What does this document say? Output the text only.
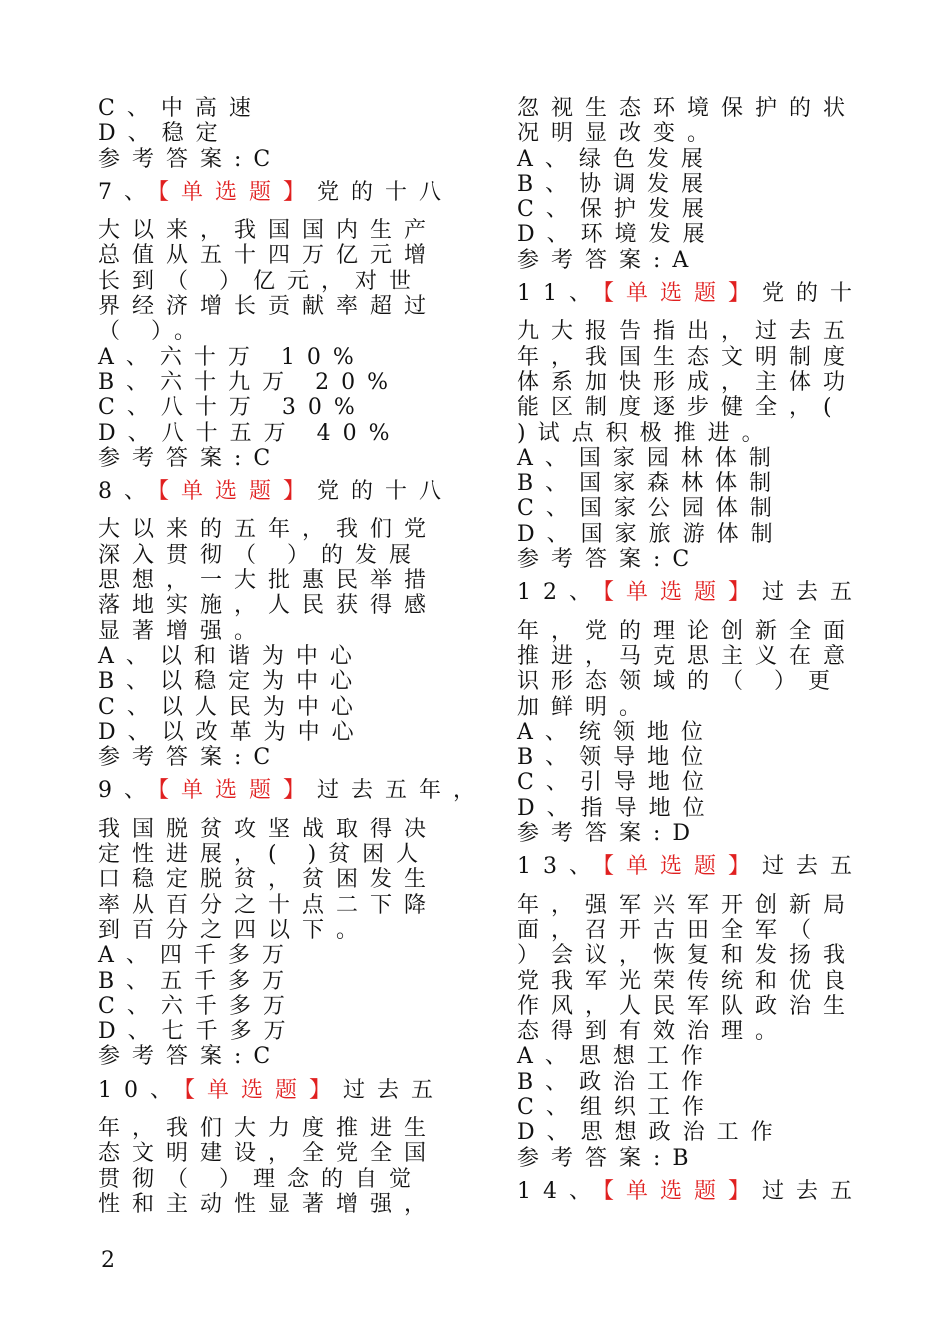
C、中高速
D、稳定
参考答案:C
7、【单选题】党的十八
大以来，我国国内生产
总值从五十四万亿元增
长到（ ）亿元，对世
界经济增长贡献率超过
（ ）。
A、六十万 10%
B、六十九万 20%
C、八十万 30%
D、八十五万 40%
参考答案:C
8、【单选题】党的十八
大以来的五年，我们党
深入贯彻（ ）的发展
思想，一大批惠民举措
落地实施，人民获得感
显著增强。
A、以和谐为中心
B、以稳定为中心
C、以人民为中心
D、以改革为中心
参考答案:C
9、【单选题】过去五年，
我国脱贫攻坚战取得决
定性进展，( )贫困人
口稳定脱贫，贫困发生
率从百分之十点二下降
到百分之四以下。
A、四千多万
B、五千多万
C、六千多万
D、七千多万
参考答案:C
10、【单选题】过去五
年，我们大力度推进生
态文明建设，全党全国
贯彻（ ）理念的自觉
性和主动性显著增强，
忽视生态环境保护的状
况明显改变。
A、绿色发展
B、协调发展
C、保护发展
D、环境发展
参考答案:A
11、【单选题】党的十
九大报告指出，过去五
年，我国生态文明制度
体系加快形成，主体功
能区制度逐步健全，(
)试点积极推进。
A、国家园林体制
B、国家森林体制
C、国家公园体制
D、国家旅游体制
参考答案:C
12、【单选题】过去五
年，党的理论创新全面
推进，马克思主义在意
识形态领域的（ ）更
加鲜明。
A、统领地位
B、领导地位
C、引导地位
D、指导地位
参考答案:D
13、【单选题】过去五
年，强军兴军开创新局
面，召开古田全军（
）会议，恢复和发扬我
党我军光荣传统和优良
作风，人民军队政治生
态得到有效治理。
A、思想工作
B、政治工作
C、组织工作
D、思想政治工作
参考答案:B
14、【单选题】过去五
2
